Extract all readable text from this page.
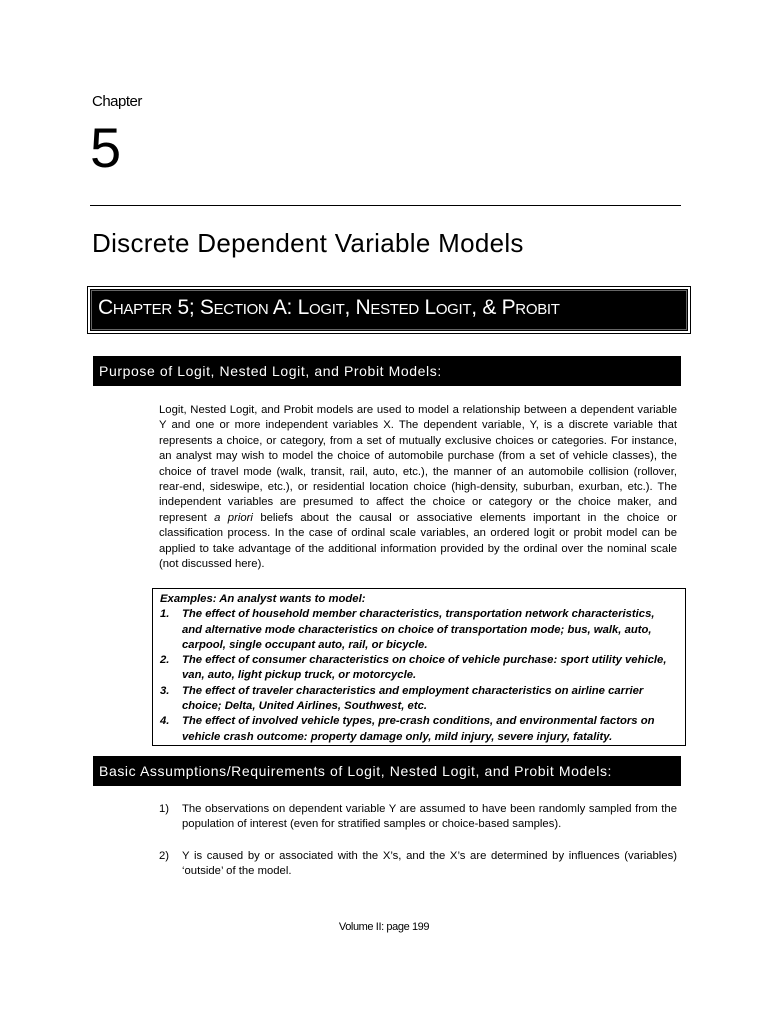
Chapter
5
Discrete Dependent Variable Models
Chapter 5; Section A: Logit, Nested Logit, & Probit
Purpose of Logit, Nested Logit, and Probit Models:
Logit, Nested Logit, and Probit models are used to model a relationship between a dependent variable Y and one or more independent variables X. The dependent variable, Y, is a discrete variable that represents a choice, or category, from a set of mutually exclusive choices or categories. For instance, an analyst may wish to model the choice of automobile purchase (from a set of vehicle classes), the choice of travel mode (walk, transit, rail, auto, etc.), the manner of an automobile collision (rollover, rear-end, sideswipe, etc.), or residential location choice (high-density, suburban, exurban, etc.). The independent variables are presumed to affect the choice or category or the choice maker, and represent a priori beliefs about the causal or associative elements important in the choice or classification process. In the case of ordinal scale variables, an ordered logit or probit model can be applied to take advantage of the additional information provided by the ordinal over the nominal scale (not discussed here).
Examples: An analyst wants to model:
1.	The effect of household member characteristics, transportation network characteristics, and alternative mode characteristics on choice of transportation mode; bus, walk, auto, carpool, single occupant auto, rail, or bicycle.
2.	The effect of consumer characteristics on choice of vehicle purchase: sport utility vehicle, van, auto, light pickup truck, or motorcycle.
3.	The effect of traveler characteristics and employment characteristics on airline carrier choice; Delta, United Airlines, Southwest, etc.
4.	The effect of involved vehicle types, pre-crash conditions, and environmental factors on vehicle crash outcome: property damage only, mild injury, severe injury, fatality.
Basic Assumptions/Requirements of Logit, Nested Logit, and Probit Models:
1)	The observations on dependent variable Y are assumed to have been randomly sampled from the population of interest (even for stratified samples or choice-based samples).
2)	Y is caused by or associated with the X’s, and the X’s are determined by influences (variables) ‘outside’ of the model.
Volume II: page 199
